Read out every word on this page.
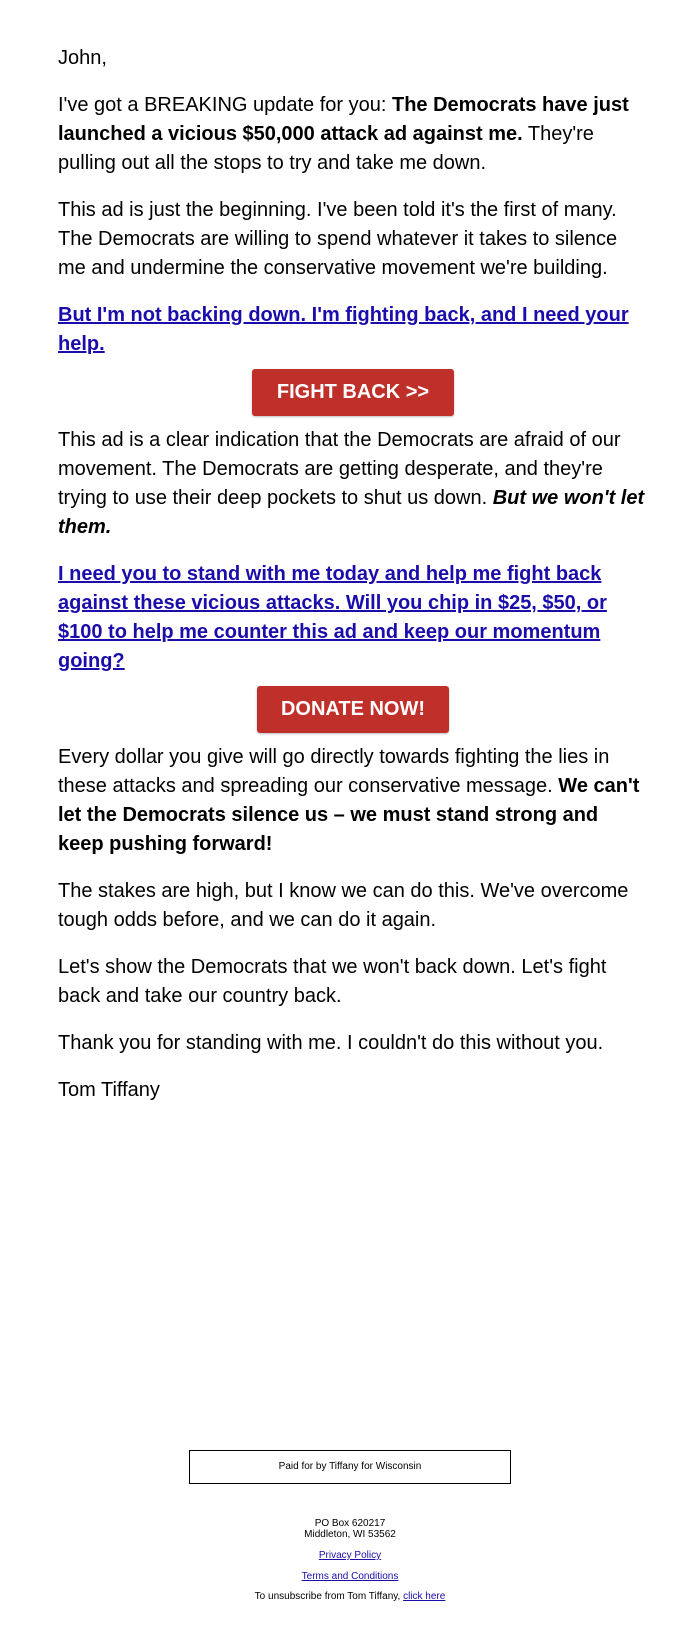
John,

I've got a BREAKING update for you: The Democrats have just launched a vicious $50,000 attack ad against me. They're pulling out all the stops to try and take me down.

This ad is just the beginning. I've been told it's the first of many. The Democrats are willing to spend whatever it takes to silence me and undermine the conservative movement we're building.

But I'm not backing down. I'm fighting back, and I need your help.

FIGHT BACK >>

This ad is a clear indication that the Democrats are afraid of our movement. The Democrats are getting desperate, and they're trying to use their deep pockets to shut us down. But we won't let them.

I need you to stand with me today and help me fight back against these vicious attacks. Will you chip in $25, $50, or $100 to help me counter this ad and keep our momentum going?

DONATE NOW!

Every dollar you give will go directly towards fighting the lies in these attacks and spreading our conservative message. We can't let the Democrats silence us – we must stand strong and keep pushing forward!

The stakes are high, but I know we can do this. We've overcome tough odds before, and we can do it again.

Let's show the Democrats that we won't back down. Let's fight back and take our country back.

Thank you for standing with me. I couldn't do this without you.

Tom Tiffany

Paid for by Tiffany for Wisconsin
PO Box 620217
Middleton, WI 53562
Privacy Policy
Terms and Conditions
To unsubscribe from Tom Tiffany, click here
